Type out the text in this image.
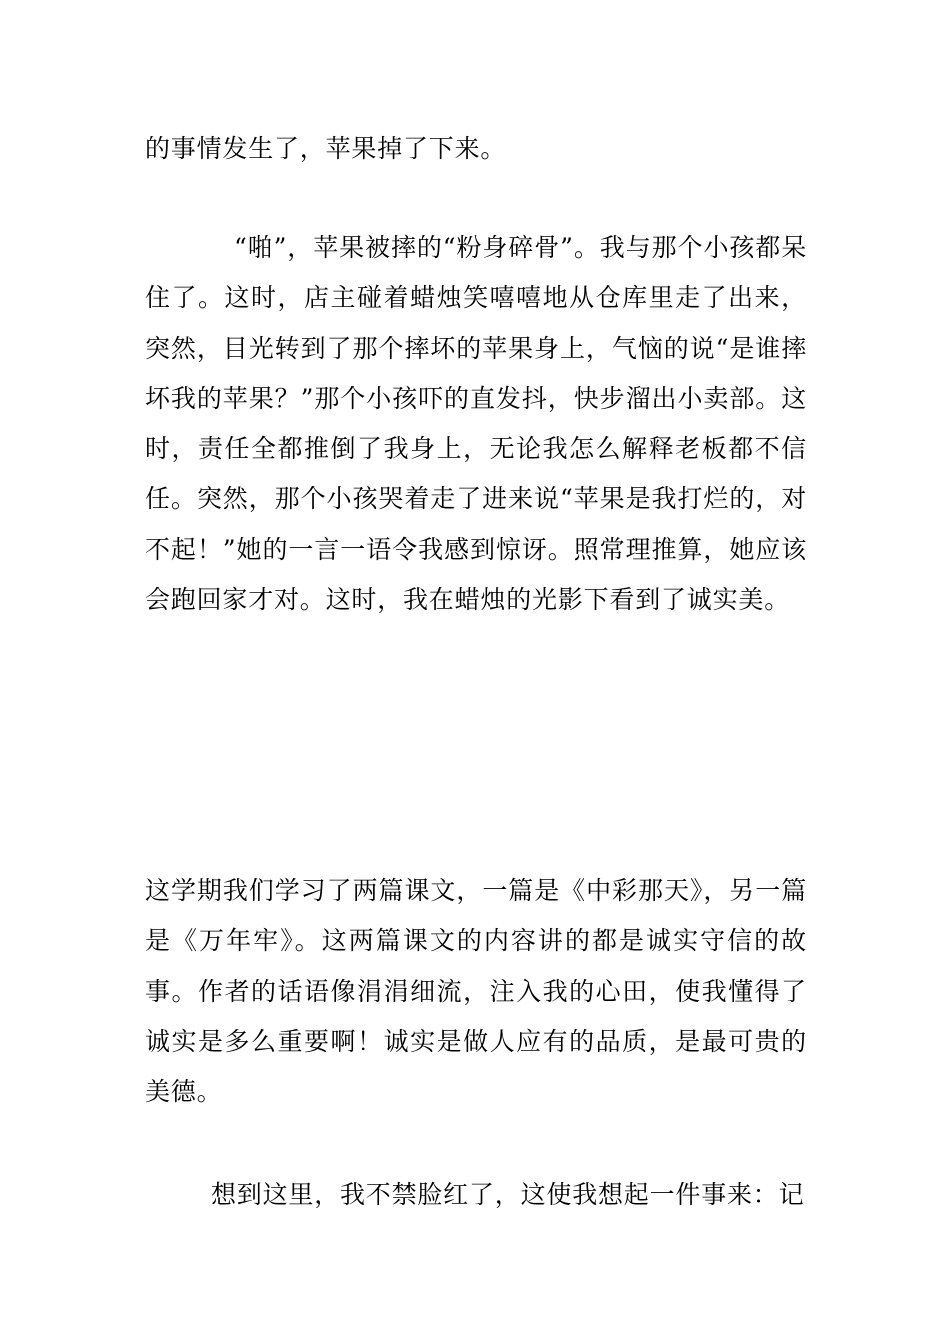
的事情发生了，苹果掉了下来。

“啪”，苹果被摔的“粉身碎骨”。我与那个小孩都呆住了。这时，店主碰着蜡烛笑嘻嘻地从仓库里走了出来，突然，目光转到了那个摔坏的苹果身上，气恼的说“是谁摔坏我的苹果？”那个小孩吓的直发抖，快步溜出小卖部。这时，责任全都推倒了我身上，无论我怎么解释老板都不信任。突然，那个小孩哭着走了进来说“苹果是我打烂的，对不起！”她的一言一语令我感到惊讶。照常理推算，她应该会跑回家才对。这时，我在蜡烛的光影下看到了诚实美。

这学期我们学习了两篇课文，一篇是《中彩那天》，另一篇是《万年牢》。这两篇课文的内容讲的都是诚实守信的故事。作者的话语像涓涓细流，注入我的心田，使我懂得了诚实是多么重要啊！诚实是做人应有的品质，是最可贵的美德。

想到这里，我不禁脸红了，这使我想起一件事来：记
